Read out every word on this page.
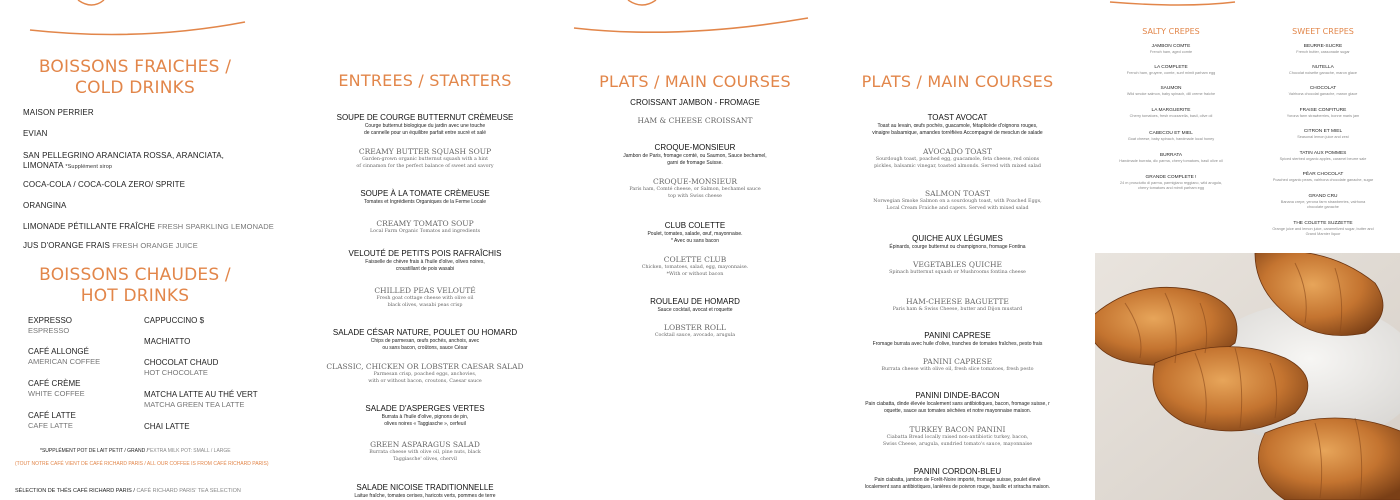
BOISSONS FRAICHES /
COLD DRINKS
MAISON PERRIER
EVIAN
SAN PELLEGRINO ARANCIATA ROSSA, ARANCIATA,
LIMONATA *Supplément sirop
COCA-COLA / COCA-COLA ZERO/ SPRITE
ORANGINA
LIMONADE PÉTILLANTE FRAÎCHE FRESH SPARKLING LEMONADE
JUS D'ORANGE FRAIS FRESH ORANGE JUICE
BOISSONS CHAUDES /
HOT DRINKS
EXPRESSO
ESPRESSO
CAFÉ ALLONGÉ
AMERICAN COFFEE
CAFÉ CRÈME
WHITE COFFEE
CAFÉ LATTE
CAFE LATTE
CAPPUCCINO $
MACHIATTO
CHOCOLAT CHAUD
HOT CHOCOLATE
MATCHA LATTE AU THÉ VERT
MATCHA GREEN TEA LATTE
CHAI LATTE
*SUPPLÉMENT POT DE LAIT PETIT / GRAND /*EXTRA MILK POT: SMALL / LARGE
(TOUT NOTRE CAFÉ VIENT DE CAFÉ RICHARD PARIS / ALL OUR COFFEE IS FROM CAFÉ RICHARD PARIS)
SÉLECTION DE THÉS CAFÉ RICHARD PARIS / CAFÉ RICHARD PARIS' TEA SELECTION
ENTREES / STARTERS
SOUPE DE COURGE BUTTERNUT CRÈMEUSE
Courge butternut biologique du jardin avec une touche
de cannelle pour un équilibre parfait entre sucré et salé
CREAMY BUTTER SQUASH SOUP
Garden-grown organic butternut squash with a hint
of cinnamon for the perfect balance of sweet and savory
SOUPE À LA TOMATE CRÈMEUSE
Tomates et Ingrédients Organiques de la Ferme Locale
CREAMY TOMATO SOUP
Local Farm Organic Tomatos and ingredients
VELOUTÉ DE PETITS POIS RAFRAÎCHIS
Faisselle de chèvre frais à l'huile d'olive, olives noires,
croustillant de pois wasabi
CHILLED PEAS VELOUTÉ
Fresh goat cottage cheese with olive oil
black olives, wasabi peas crisp
SALADE CÉSAR NATURE, POULET OU HOMARD
Chips de parmesan, œufs pochés, anchois, avec
ou sans bacon, croûtons, sauce César
CLASSIC, CHICKEN OR LOBSTER CAESAR SALAD
Parmesan crisp, poached eggs, anchovies,
with or without bacon, croutons, Caesar sauce
SALADE D'ASPERGES VERTES
Burrata à l'huile d'olive, pignons de pin,
olives noires « Taggiasche », cerfeuil
GREEN ASPARAGUS SALAD
Burrata cheese with olive oil, pine nuts, black
Taggiasche' olives, chervil
SALADE NICOISE TRADITIONNELLE
Laitue fraîche, tomates cerises, haricots verts, pommes de terre
PLATS / MAIN COURSES
CROISSANT JAMBON - FROMAGE
HAM & CHEESE CROISSANT
CROQUE-MONSIEUR
Jambon de Paris, fromage comté, ou Saumon, Sauce bechamel,
garni de fromage Suisse.
CROQUE-MONSIEUR
Paris ham, Comté cheese, or Salmon, bechamel sauce
top with Swiss cheese
CLUB COLETTE
Poulet, tomates, salade, œuf, mayonnaise.
* Avec ou sans bacon
COLETTE CLUB
Chicken, tomatoes, salad, egg, mayonnaise.
*With or without bacon
ROULEAU DE HOMARD
Sauce cocktail, avocat et roquette
LOBSTER ROLL
Cocktail sauce, avocado, arugula
PLATS / MAIN COURSES
TOAST AVOCAT
Toast au levain, œufs pochés, guacamole, fétaplicède d'oignons rouges,
vinaigre balsamique, amandes torréfiées Accompagné de mesclun de salade
AVOCADO TOAST
Sourdough toast, poached egg, guacamole, feta cheese, red onions
pickles, balsamic vinegar, toasted almonds. Served with mixed salad
SALMON TOAST
Norwegian Smoke Salmon on a sourdough toast, with Poached Eggs,
Local Cream Fraiche and capers. Served with mixed salad
QUICHE AUX LÉGUMES
Épinards, courge butternut ou champignons, fromage Fontina
VEGETABLES QUICHE
Spinach butternut squash or Mushrooms fontina cheese
HAM-CHEESE BAGUETTE
Paris ham & Swiss Cheese, butter and Dijon mustard
PANINI CAPRESE
Fromage burrata avec huile d'olive, tranches de tomates fraîches, pesto frais
PANINI CAPRESE
Burrata cheese with olive oil, fresh slice tomatoes, fresh pesto
PANINI DINDE-BACON
Pain ciabatta, dinde élevée localement sans antibiotiques, bacon, fromage suisse, r
oquette, sauce aux tomates séchées et notre mayonnaise maison.
TURKEY BACON PANINI
Ciabatta Bread locally raised non-antibiotic turkey, bacon,
Swiss Cheese, arugula, sundried tomato's sauce, mayonnaise
PANINI CORDON-BLEU
Pain ciabatta, jambon de Forêt-Noire importé, fromage suisse, poulet élevé
localement sans antibiotiques, lanières de poivron rouge, basilic et sriracha maison.
SALTY CREPES	SWEET CREPES
JAMBON COMTE
French ham, aged comte
LA COMPLETE
French ham, gruyere, comte, sunf mimit parham egg
SAUMON
Wild smoke salmon, baby spinach, dill creme fraiche
LA MARGUERITE
Cherry tomatoes, fresh mozzarella, basil, olive oil
CABECOU ET MIEL
Goat cheese, baby spinach, handmade local honey
BURRATA
Handmade burrata, dlc parma, cherry tomatoes, basil olive oil
GRANDE COMPLETE !
24 m prosciutto di parma, parmigiano reggiano, wild arugula,
cherry tomatoes and mimit parham egg
BEURRE-SUCRE
French butter, cassonade sugar
NUTELLA
Chocolat noisette ganache, maron glace
CHOCOLAT
Valrhona chocolat ganache, maron glace
FRAISE CONFITURE
Yorona farm strawberries, bonne maris jam
CITRON ET MIEL
Seasonal lemon juice and zest
TATIN AUX POMMES
Spiced sterbed organic apples, caramel beurre sale
PÊAR CHOCOLAT
Poached organic pears, valrhona chocolate ganache, sugar
GRAND CRU
Banana crepe, yerona farm strawberries, valrhona
chocolate ganache
THE COLETTE SUZZETTE
Orange juice and lemon juice, caramelized sugar, butter and
Grand Marnier liquor
